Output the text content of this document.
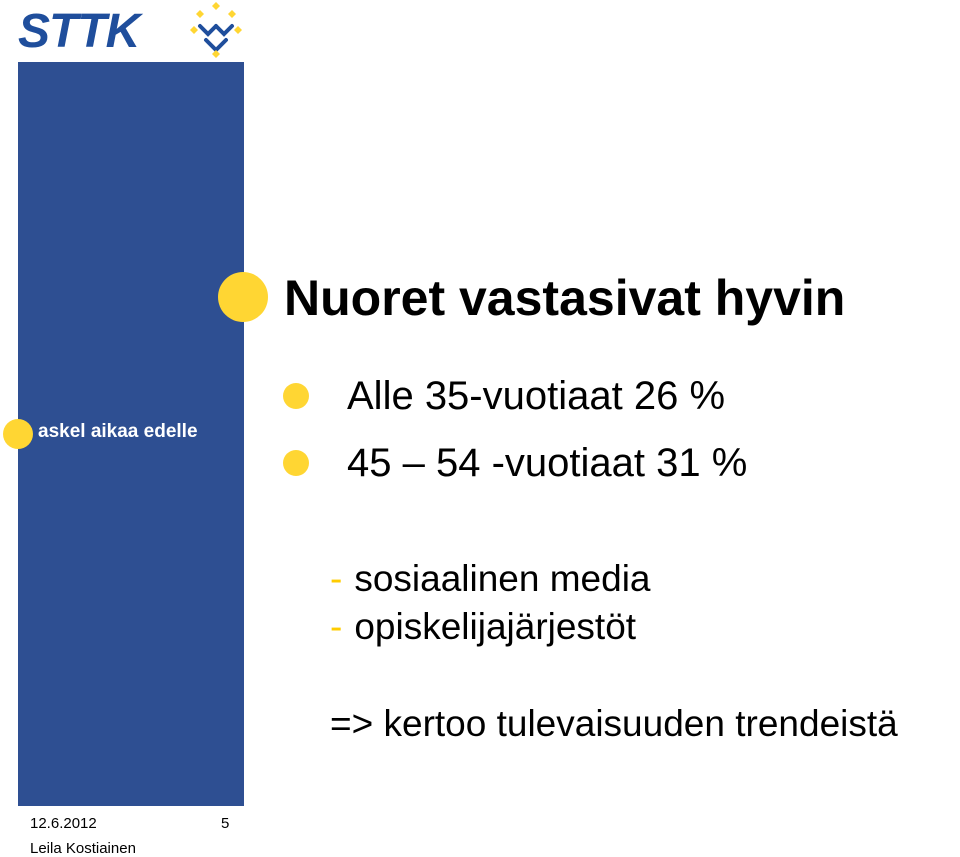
STTK
askel aikaa edelle
Nuoret vastasivat hyvin
Alle 35-vuotiaat 26 %
45 – 54 -vuotiaat 31 %
- sosiaalinen media
- opiskelijajärjestöt
=> kertoo tulevaisuuden trendeistä
12.6.2012	5
Leila Kostiainen
